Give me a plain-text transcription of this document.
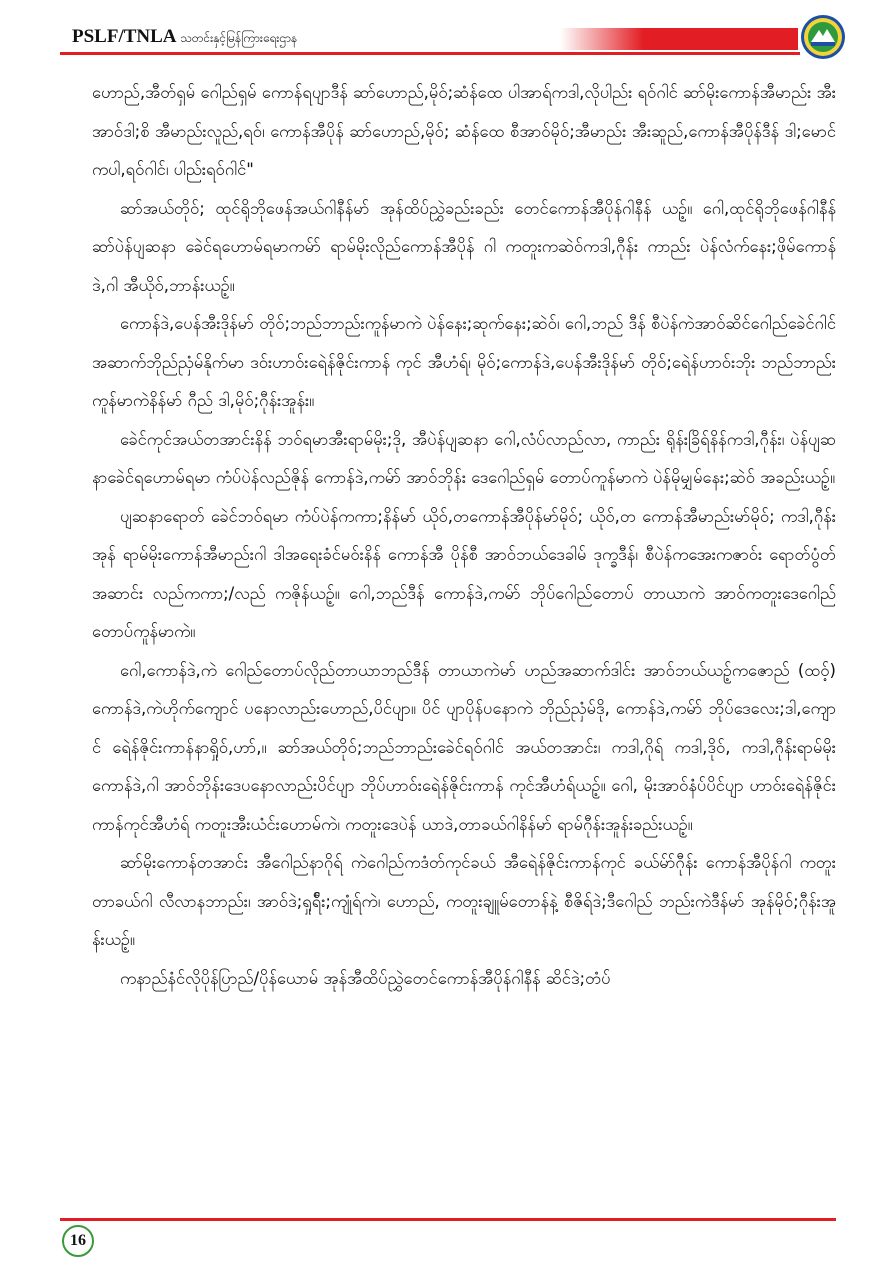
PSLF/TNLA သတင်းနှင့်မြန်ကြားရေးဌာန

ဟောည်,အီတ်ရှမ် ဂေါည်ရှမ် ကောန်ရပျာဒီန် ဆာ်ဟောည်,မိုဝ်;ဆံန်ထေ ပါအာရ်ကဒါ,လိုပါည်း ရဝ်ဂါင် ဆာ်မိုးကောန်အီမာည်း အီးအာဝ်ဒါ;စိ အီမာည်းလူည်,ရဝ်၊ ကောန်အီပိုန် ဆာ်ဟောည်,မိုဝ်; ဆံန်ထေ စီအာဝ်မိုဝ်;အီမာည်း အီးဆူည်,ကောန်အီပိုန်ဒီန် ဒါ;မောင်ကပါ,ရဝ်ဂါင်၊ ပါည်းရဝ်ဂါင်"

ဆာ်အယ်တိုဝ်; ထုင်ရိုဘိုဖေန်အယ်ဂါနီန်မာ် အုန်ထိပ်ညွှဲခည်းခည်း တေင်ကောန်အီပိုန်ဂါနီန် ယဉ့်။ ဂေါ,ထုင်ရိုဘိုဖေန်ဂါနီန် ဆာ်ပဲန်ပျဆနာ ခေဲင်ရဟောမ်ရမာကမ်ာ် ရာမ်မိုးလိုည်ကောန်အီပိုန် ဂါ ကတူးကဆဲဝ်ကဒါ,ဂီုန်း ကာည်း ပဲန်လံက်နေး;ဖိုမ်ကောန်ဒဲ,ဂါ အီယိုဝ်,ဘာန်းယဉ့်။

ကောန်ဒဲ,ပေန်အီးဒိုန်မာ် တိုဝ်;ဘည်ဘာည်းကူန်မာကဲ ပဲန်နေး;ဆုက်နေး;ဆဲဝ်၊ ဂေါ,ဘည် ဒီန် စီပဲန်ကဲအာဝ်ဆိင်ဂေါည်ခေဲင်ဂါင် အဆာက်ဘိုည်ညှံမ်နိုက်မာ ဒဝ်းဟာဝ်းရေဲန်ဇိုင်းကာန် ကုင် အီဟံရ်၊ မိုဝ်;ကောန်ဒဲ,ပေန်အီးဒိုန်မာ် တိုဝ်;ရေဲန်ဟာဝ်းဘိုး ဘည်ဘာည်းကူန်မာကဲနိန်မာ် ဂီည် ဒါ,မိုဝ်;ဂီုန်းအူန်း။

ခေဲင်ကုင်အယ်တအာင်းနိန် ဘဝ်ရမာအီးရာမ်မိုး;ဒို, အီပဲန်ပျဆနာ ဂေါ,လံပ်လာည်လာ, ကာည်း ရိုန်းခြိရ်နိန်ကဒါ,ဂီုန်း၊ ပဲန်ပျဆနာခေဲင်ရဟောမ်ရမာ ကံပ်ပဲန်လည်ဇိုန် ကောန်ဒဲ,ကမ်ာ် အာဝ်ဘိုန်း ဒေဂေါည်ရှမ် တောပ်ကူန်မာကဲ ပဲန်မိုမျှမ်နေး;ဆဲဝ် အခည်းယဉ့်။

ပျဆနာရောတ် ခေဲင်ဘဝ်ရမာ ကံပ်ပဲန်ကကာ;နိန်မာ် ယိုဝ်,တကောန်အီပိုန်မာ်မိုဝ်; ယိုဝ်,တ ကောန်အီမာည်းမာ်မိုဝ်; ကဒါ,ဂီုန်းအုန် ရာမ်မိုးကောန်အီမာည်းဂါ ဒါအရေးခံင်မဝ်းနိန် ကောန်အီ ပိုန်စီ အာဝ်ဘယ်ဒေခါမ် ဒုက္ခဒီန်၊ စီပဲန်ကအေးကဇာဝ်း ရောတ်ပွံတ်အဆာင်း လည်ကကာ;/လည် ကဇိုန်ယဉ့်။ ဂေါ,ဘည်ဒီန် ကောန်ဒဲ,ကမ်ာ် ဘိုပ်ဂေါည်တောပ် တာယာကဲ အာဝ်ကတူးဒေဂေါည် တောပ်ကူန်မာကဲ။

ဂေါ,ကောန်ဒဲ,ကဲ ဂေါည်တောပ်လိုည်တာယာဘည်ဒီန် တာယာကဲမာ် ဟည်အဆာက်ဒါင်း အာဝ်ဘယ်ယဉ့်ကဇောည် (ထဝ့်) ကောန်ဒဲ,ကဲဟိုက်ကျောင် ပနောလာည်းဟောည်,ပိင်ပျာ။ ပိင် ပျာပိုန်ပနောကဲ ဘိုည်ညှံမ်ဒို, ကောန်ဒဲ,ကမ်ာ် ဘိုပ်ဒေလေး;ဒါ,ကျောင် ရေဲန်ဇိုင်းကာန်နာရှိုဝ်,ဟာ်,။ ဆာ်အယ်တိုဝ်;ဘည်ဘာည်းခေဲင်ရဝ်ဂါင် အယ်တအာင်း၊ ကဒါ,ဂိုရ် ကဒါ,ဒိုဝ်, ကဒါ,ဂီုန်းရာမ်မိုး ကောန်ဒဲ,ဂါ အာဝ်ဘိုန်းဒေပနောလာည်းပိင်ပျာ ဘိုပ်ဟာဝ်းရေဲန်ဇိုင်းကာန် ကုင်အီဟံရ်ယဉ့်။ ဂေါ, မိုးအာဝ်နံပ်ပိင်ပျာ ဟာဝ်းရေဲန်ဇိုင်းကာန်ကုင်အီဟံရ် ကတူးအီးယံင်းဟောမ်ကဲ၊ ကတူးဒေပဲန် ယာဒဲ,တာခယ်ဂါနိန်မာ် ရာမ်ဂီုန်းအူန်းခည်းယဉ့်။

ဆာ်မိုးကောန်တအာင်း အီဂေါည်နာဂိုရ် ကဲဂေါည်ကဒံတ်ကုင်ခယ် အီရေဲန်ဇိုင်းကာန်ကုင် ခယ်မ်ာ်ဂီုန်း ကောန်အီပိုန်ဂါ ကတူးတာခယ်ဂါ လီလာနဘာည်း၊ အာဝ်ဒဲ;ရှုရ်ီး;ကျုံရ်ကဲ၊ ဟောည်, ကတူးချူမ်တောန်နဲ့ စီဇိရ်ဒဲ;ဒီဂေါည် ဘည်းကဲဒီန်မာ် အုန်မိုဝ်;ဂီုန်းအူန်းယဉ့်။

ကနာည်နံင်လိုပိုန်ပြာည်/ပိုန်ယောမ် အုန်အီထိပ်ညွှဲတေင်ကောန်အီပိုန်ဂါနီန် ဆိင်ဒဲ;တံပ်

16
